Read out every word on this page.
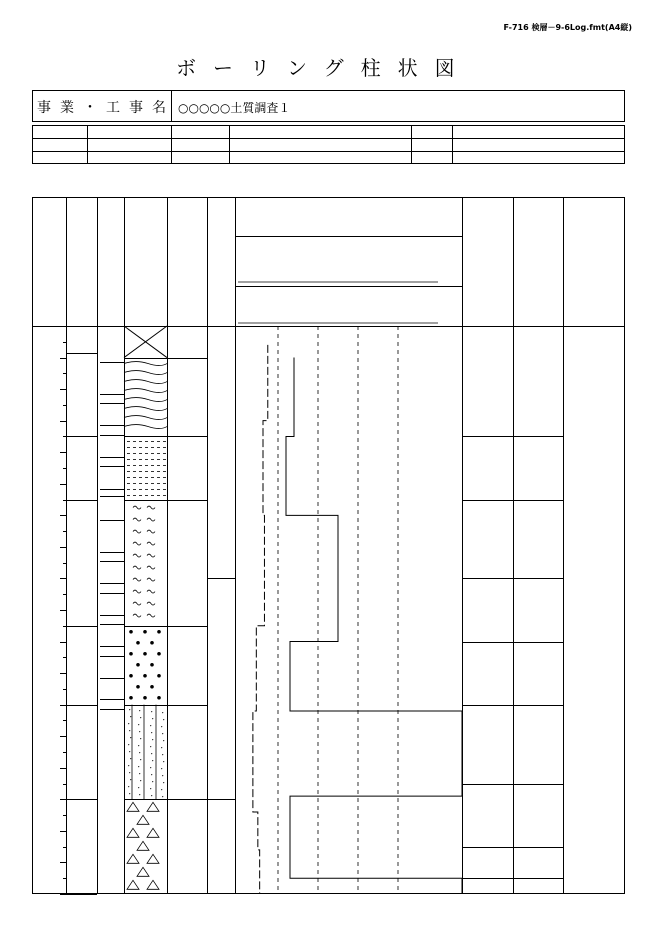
F-716 検層－9-6Log.fmt(A4縦)
ボーリング柱状図
事業・工事名 ○○○○○土質調査１
